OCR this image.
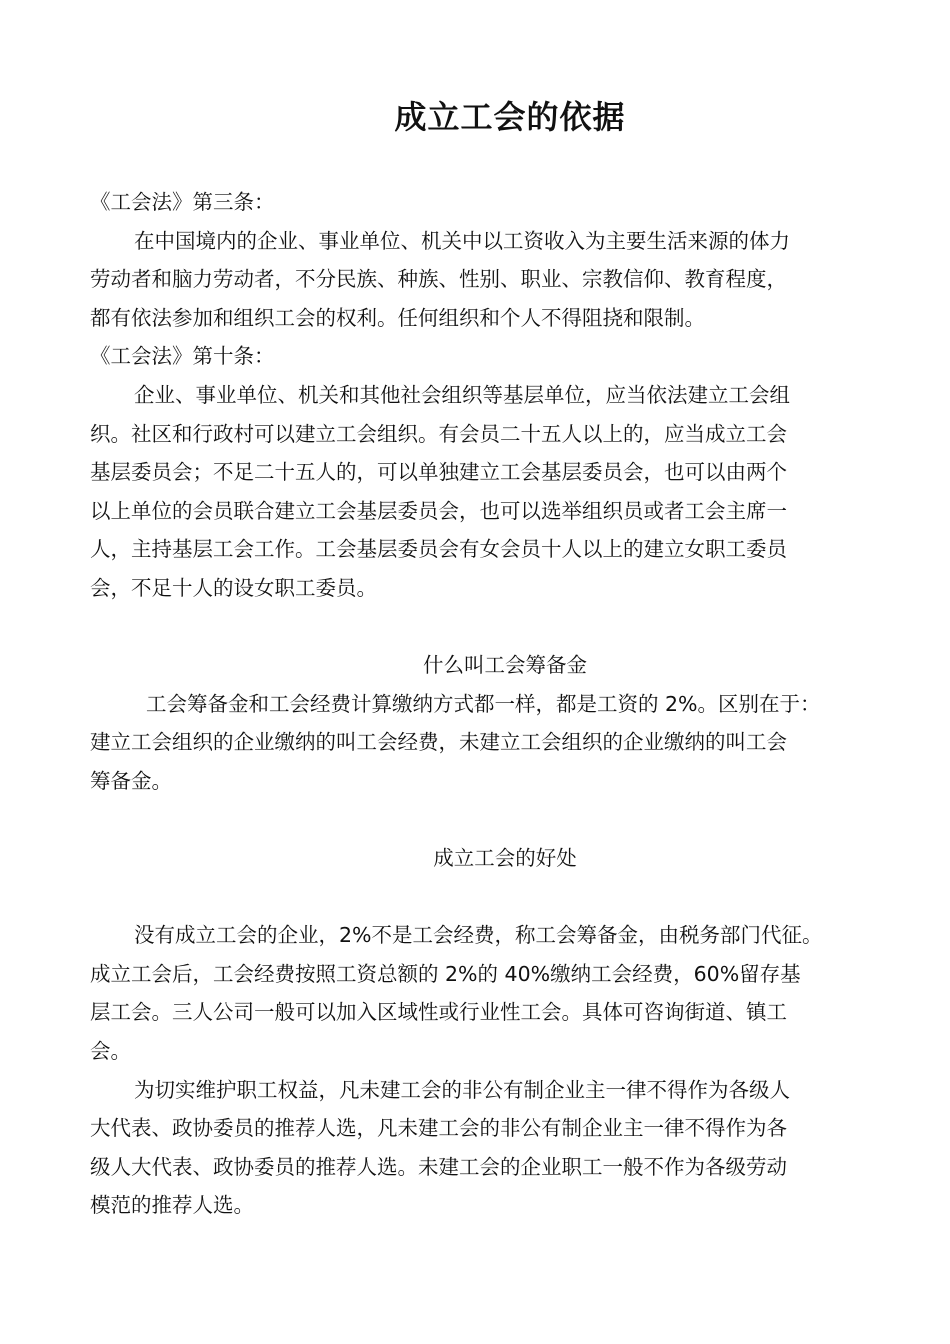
成立工会的依据
《工会法》第三条：
在中国境内的企业、事业单位、机关中以工资收入为主要生活来源的体力
劳动者和脑力劳动者，不分民族、种族、性别、职业、宗教信仰、教育程度，
都有依法参加和组织工会的权利。任何组织和个人不得阻挠和限制。
《工会法》第十条：
企业、事业单位、机关和其他社会组织等基层单位，应当依法建立工会组
织。社区和行政村可以建立工会组织。有会员二十五人以上的，应当成立工会
基层委员会；不足二十五人的，可以单独建立工会基层委员会，也可以由两个
以上单位的会员联合建立工会基层委员会，也可以选举组织员或者工会主席一
人，主持基层工会工作。工会基层委员会有女会员十人以上的建立女职工委员
会，不足十人的设女职工委员。
什么叫工会筹备金
工会筹备金和工会经费计算缴纳方式都一样，都是工资的 2%。区别在于：
建立工会组织的企业缴纳的叫工会经费，未建立工会组织的企业缴纳的叫工会
筹备金。
成立工会的好处
没有成立工会的企业，2%不是工会经费，称工会筹备金，由税务部门代征。
成立工会后，工会经费按照工资总额的 2%的 40%缴纳工会经费，60%留存基
层工会。三人公司一般可以加入区域性或行业性工会。具体可咨询街道、镇工
会。
为切实维护职工权益，凡未建工会的非公有制企业主一律不得作为各级人
大代表、政协委员的推荐人选，凡未建工会的非公有制企业主一律不得作为各
级人大代表、政协委员的推荐人选。未建工会的企业职工一般不作为各级劳动
模范的推荐人选。
